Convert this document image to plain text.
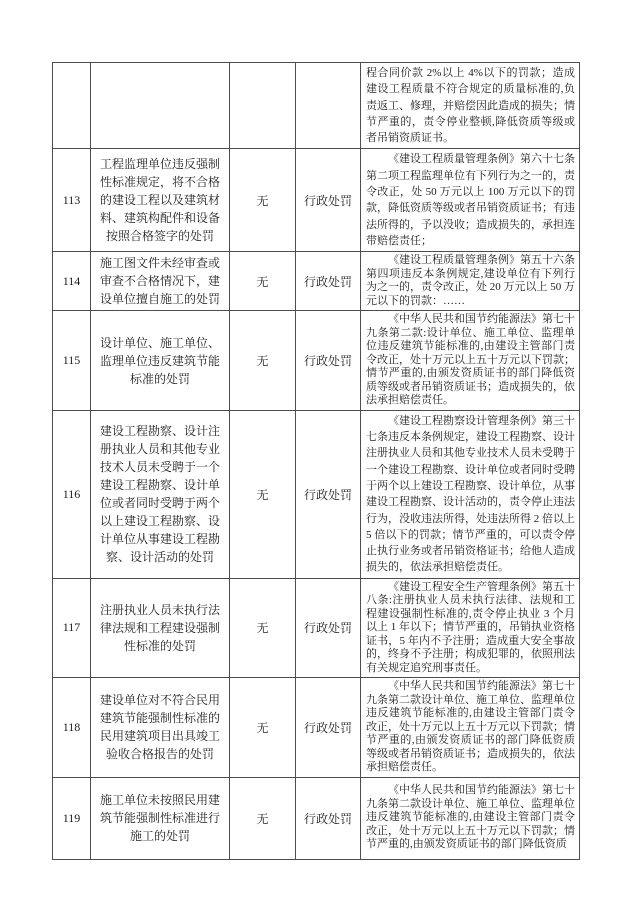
				程合同价款 2%以上 4%以下的罚款；造成建设工程质量不符合规定的质量标准的,负责返工、修理，并赔偿因此造成的损失；情节严重的，责令停业整顿,降低资质等级或者吊销资质证书。

113	工程监理单位违反强制性标准规定，将不合格的建设工程以及建筑材料、建筑构配件和设备按照合格签字的处罚	无	行政处罚	《建设工程质量管理条例》第六十七条第二项工程监理单位有下列行为之一的，责令改正，处 50 万元以上 100 万元以下的罚款，降低资质等级或者吊销资质证书；有违法所得的，予以没收；造成损失的，承担连带赔偿责任；

114	施工图文件未经审查或审查不合格情况下，建设单位擅自施工的处罚	无	行政处罚	《建设工程质量管理条例》第五十六条第四项违反本条例规定,建设单位有下列行为之一的，责令改正，处 20 万元以上 50 万元以下的罚款：……

115	设计单位、施工单位、监理单位违反建筑节能标准的处罚	无	行政处罚	《中华人民共和国节约能源法》第七十九条第二款:设计单位、施工单位、监理单位违反建筑节能标准的,由建设主管部门责令改正，处十万元以上五十万元以下罚款；情节严重的,由颁发资质证书的部门降低资质等级或者吊销资质证书；造成损失的，依法承担赔偿责任。

116	建设工程勘察、设计注册执业人员和其他专业技术人员未受聘于一个建设工程勘察、设计单位或者同时受聘于两个以上建设工程勘察、设计单位从事建设工程勘察、设计活动的处罚	无	行政处罚	《建设工程勘察设计管理条例》第三十七条违反本条例规定，建设工程勘察、设计注册执业人员和其他专业技术人员未受聘于一个建设工程勘察、设计单位或者同时受聘于两个以上建设工程勘察、设计单位，从事建设工程勘察、设计活动的，责令停止违法行为，没收违法所得，处违法所得 2 倍以上 5 倍以下的罚款；情节严重的，可以责令停止执行业务或者吊销资格证书；给他人造成损失的，依法承担赔偿责任。

117	注册执业人员未执行法律法规和工程建设强制性标准的处罚	无	行政处罚	《建设工程安全生产管理条例》第五十八条:注册执业人员未执行法律、法规和工程建设强制性标准的,责令停止执业 3 个月以上 1 年以下；情节严重的，吊销执业资格证书，5 年内不予注册；造成重大安全事故的，终身不予注册；构成犯罪的，依照刑法有关规定追究刑事责任。

118	建设单位对不符合民用建筑节能强制性标准的民用建筑项目出具竣工验收合格报告的处罚	无	行政处罚	《中华人民共和国节约能源法》第七十九条第二款设计单位、施工单位、监理单位违反建筑节能标准的,由建设主管部门责令改正，处十万元以上五十万元以下罚款；情节严重的,由颁发资质证书的部门降低资质等级或者吊销资质证书；造成损失的，依法承担赔偿责任。

119	施工单位未按照民用建筑节能强制性标准进行施工的处罚	无	行政处罚	《中华人民共和国节约能源法》第七十九条第二款设计单位、施工单位、监理单位违反建筑节能标准的,由建设主管部门责令改正，处十万元以上五十万元以下罚款；情节严重的,由颁发资质证书的部门降低资质
